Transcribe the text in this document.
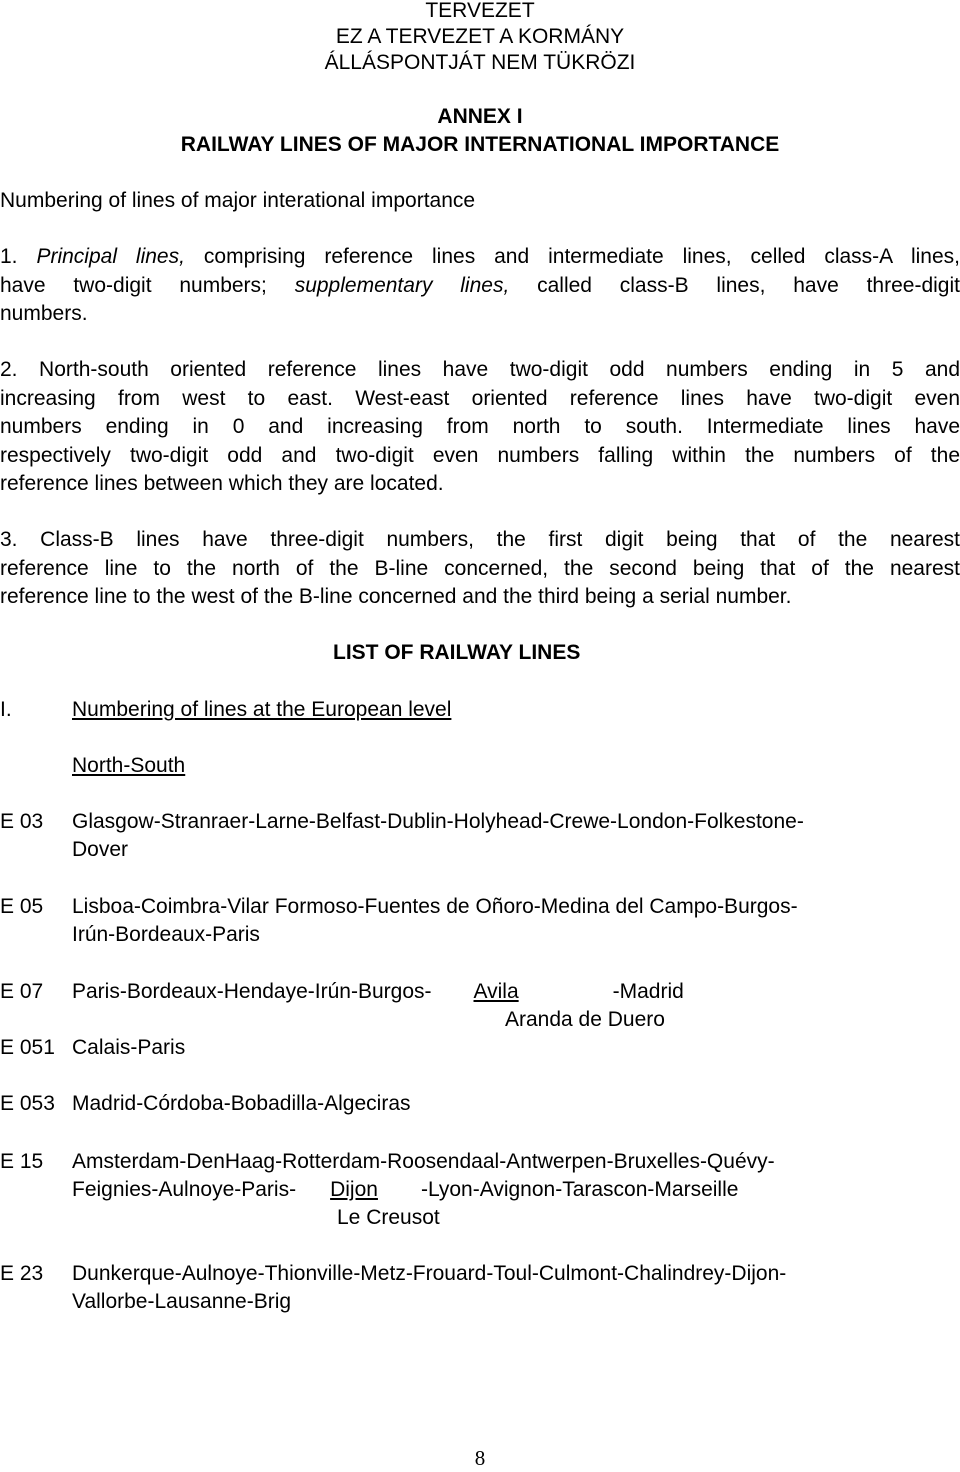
TERVEZET
EZ A TERVEZET A KORMÁNY
ÁLLÁSPONTJÁT NEM TÜKRÖZI
ANNEX I
RAILWAY LINES OF MAJOR INTERNATIONAL IMPORTANCE
Numbering of lines of major interational importance
1. Principal lines, comprising reference lines and intermediate lines, celled class-A lines,
have two-digit numbers; supplementary lines, called class-B lines, have three-digit
numbers.
2. North-south oriented reference lines have two-digit odd numbers ending in 5 and
increasing from west to east. West-east oriented reference lines have two-digit even
numbers ending in 0 and increasing from north to south. Intermediate lines have
respectively two-digit odd and two-digit even numbers falling within the numbers of the
reference lines between which they are located.
3. Class-B lines have three-digit numbers, the first digit being that of the nearest
reference line to the north of the B-line concerned, the second being that of the nearest
reference line to the west of the B-line concerned and the third being a serial number.
LIST OF RAILWAY LINES
I.	Numbering of lines at the European level
North-South
E 03 Glasgow-Stranraer-Larne-Belfast-Dublin-Holyhead-Crewe-London-Folkestone-
Dover
E 05 Lisboa-Coimbra-Vilar Formoso-Fuentes de Oñoro-Medina del Campo-Burgos-
Irún-Bordeaux-Paris
E 07 Paris-Bordeaux-Hendaye-Irún-Burgos- Avila	-Madrid
Aranda de Duero
E 051 Calais-Paris
E 053 Madrid-Córdoba-Bobadilla-Algeciras
E 15 Amsterdam-DenHaag-Rotterdam-Roosendaal-Antwerpen-Bruxelles-Quévy-
Feignies-Aulnoye-Paris- Dijon -Lyon-Avignon-Tarascon-Marseille
Le Creusot
E 23 Dunkerque-Aulnoye-Thionville-Metz-Frouard-Toul-Culmont-Chalindrey-Dijon-
Vallorbe-Lausanne-Brig
8
